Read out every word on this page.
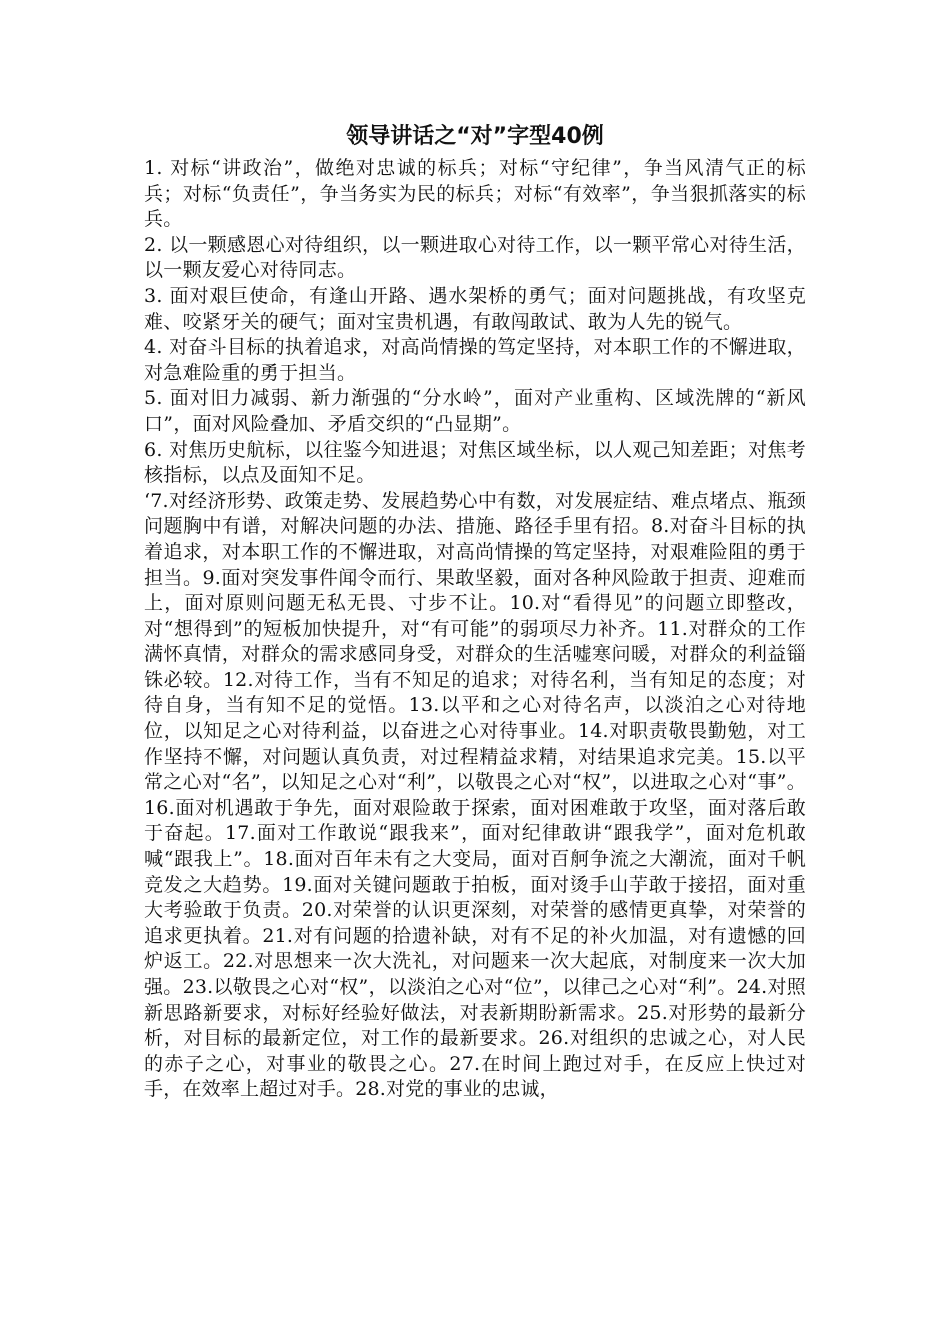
领导讲话之“对”字型40例

1. 对标“讲政治”，做绝对忠诚的标兵；对标“守纪律”，争当风清气正的标兵；对标“负责任”，争当务实为民的标兵；对标“有效率”，争当狠抓落实的标兵。

2. 以一颗感恩心对待组织，以一颗进取心对待工作，以一颗平常心对待生活，以一颗友爱心对待同志。

3. 面对艰巨使命，有逢山开路、遇水架桥的勇气；面对问题挑战，有攻坚克难、咬紧牙关的硬气；面对宝贵机遇，有敢闯敢试、敢为人先的锐气。

4. 对奋斗目标的执着追求，对高尚情操的笃定坚持，对本职工作的不懈进取，对急难险重的勇于担当。

5. 面对旧力减弱、新力渐强的“分水岭”，面对产业重构、区域洗牌的“新风口”，面对风险叠加、矛盾交织的“凸显期”。

6. 对焦历史航标，以往鉴今知进退；对焦区域坐标，以人观己知差距；对焦考核指标，以点及面知不足。

‘7.对经济形势、政策走势、发展趋势心中有数，对发展症结、难点堵点、瓶颈问题胸中有谱，对解决问题的办法、措施、路径手里有招。8.对奋斗目标的执着追求，对本职工作的不懈进取，对高尚情操的笃定坚持，对艰难险阻的勇于担当。9.面对突发事件闻令而行、果敢坚毅，面对各种风险敢于担责、迎难而上，面对原则问题无私无畏、寸步不让。10.对“看得见”的问题立即整改，对“想得到”的短板加快提升，对“有可能”的弱项尽力补齐。11.对群众的工作满怀真情，对群众的需求感同身受，对群众的生活嘘寒问暖，对群众的利益锱铢必较。12.对待工作，当有不知足的追求；对待名利，当有知足的态度；对待自身，当有知不足的觉悟。13.以平和之心对待名声，以淡泊之心对待地位，以知足之心对待利益，以奋进之心对待事业。14.对职责敬畏勤勉，对工作坚持不懈，对问题认真负责，对过程精益求精，对结果追求完美。15.以平常之心对“名”，以知足之心对“利”，以敬畏之心对“权”，以进取之心对“事”。16.面对机遇敢于争先，面对艰险敢于探索，面对困难敢于攻坚，面对落后敢于奋起。17.面对工作敢说“跟我来”，面对纪律敢讲“跟我学”，面对危机敢喊“跟我上”。18.面对百年未有之大变局，面对百舸争流之大潮流，面对千帆竞发之大趋势。19.面对关键问题敢于拍板，面对烫手山芋敢于接招，面对重大考验敢于负责。20.对荣誉的认识更深刻，对荣誉的感情更真挚，对荣誉的追求更执着。21.对有问题的拾遗补缺，对有不足的补火加温，对有遗憾的回炉返工。22.对思想来一次大洗礼，对问题来一次大起底，对制度来一次大加强。23.以敬畏之心对“权”，以淡泊之心对“位”，以律己之心对“利”。24.对照新思路新要求，对标好经验好做法，对表新期盼新需求。25.对形势的最新分析，对目标的最新定位，对工作的最新要求。26.对组织的忠诚之心，对人民的赤子之心，对事业的敬畏之心。27.在时间上跑过对手，在反应上快过对手，在效率上超过对手。28.对党的事业的忠诚，
